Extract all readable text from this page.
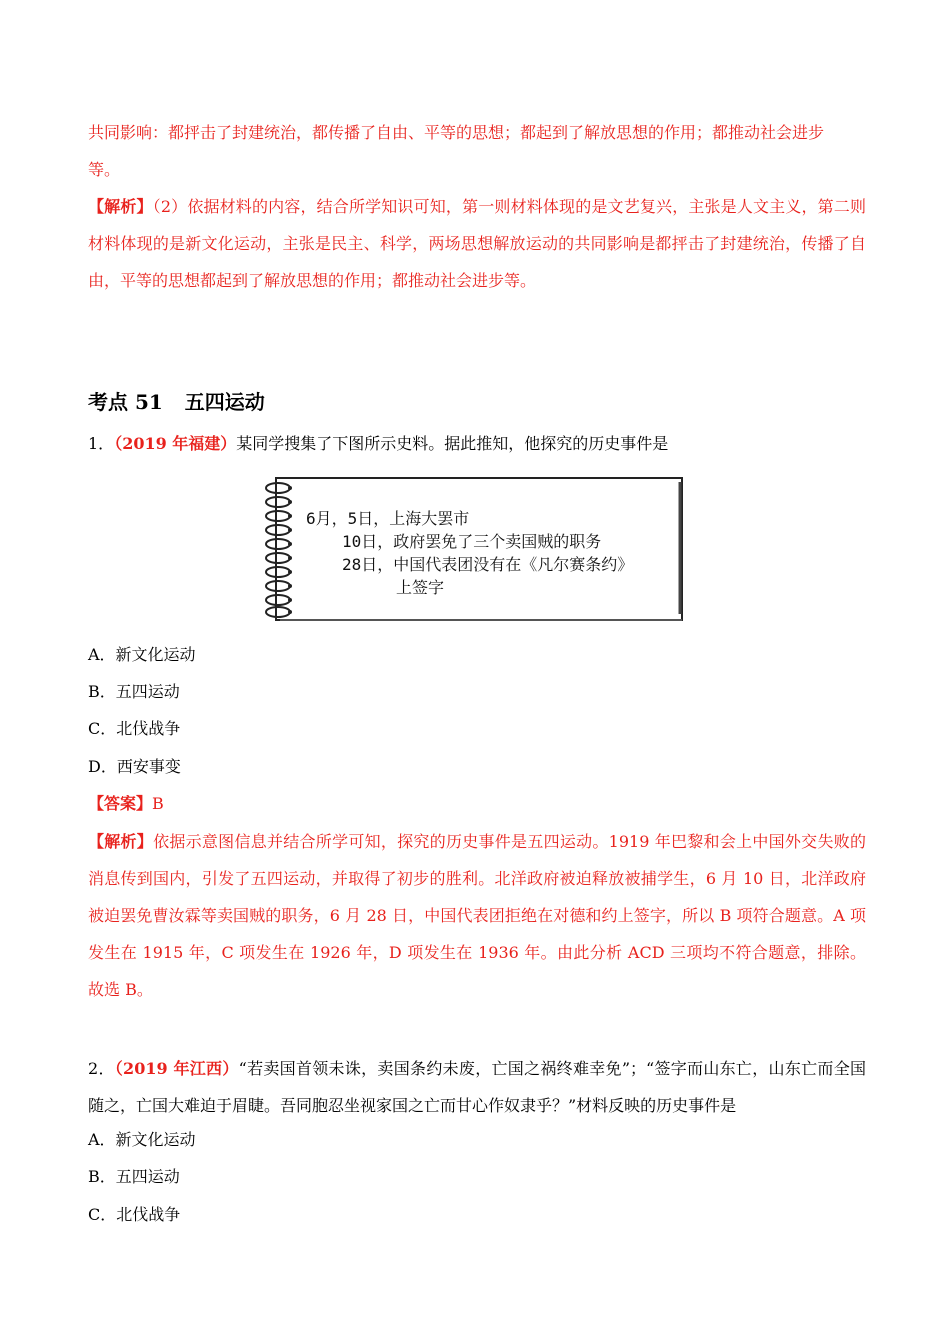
共同影响：都抨击了封建统治，都传播了自由、平等的思想；都起到了解放思想的作用；都推动社会进步
等。
【解析】（2）依据材料的内容，结合所学知识可知，第一则材料体现的是文艺复兴，主张是人文主义，第二则材料体现的是新文化运动，主张是民主、科学，两场思想解放运动的共同影响是都抨击了封建统治，传播了自由，平等的思想都起到了解放思想的作用；都推动社会进步等。
考点 51 五四运动
1．（2019 年福建）某同学搜集了下图所示史料。据此推知，他探究的历史事件是
6月，5日，上海大罢市
10日，政府罢免了三个卖国贼的职务
28日，中国代表团没有在《凡尔赛条约》
上签字
A．新文化运动
B．五四运动
C．北伐战争
D．西安事变
【答案】B
【解析】依据示意图信息并结合所学可知，探究的历史事件是五四运动。1919 年巴黎和会上中国外交失败的消息传到国内，引发了五四运动，并取得了初步的胜利。北洋政府被迫释放被捕学生，6 月 10 日，北洋政府被迫罢免曹汝霖等卖国贼的职务，6 月 28 日，中国代表团拒绝在对德和约上签字，所以 B 项符合题意。A 项发生在 1915 年，C 项发生在 1926 年，D 项发生在 1936 年。由此分析 ACD 三项均不符合题意，排除。故选 B。
2．（2019 年江西）“若卖国首领未诛，卖国条约未废，亡国之祸终难幸免”；“签字而山东亡，山东亡而全国随之，亡国大难迫于眉睫。吾同胞忍坐视家国之亡而甘心作奴隶乎？”材料反映的历史事件是
A．新文化运动
B．五四运动
C．北伐战争
